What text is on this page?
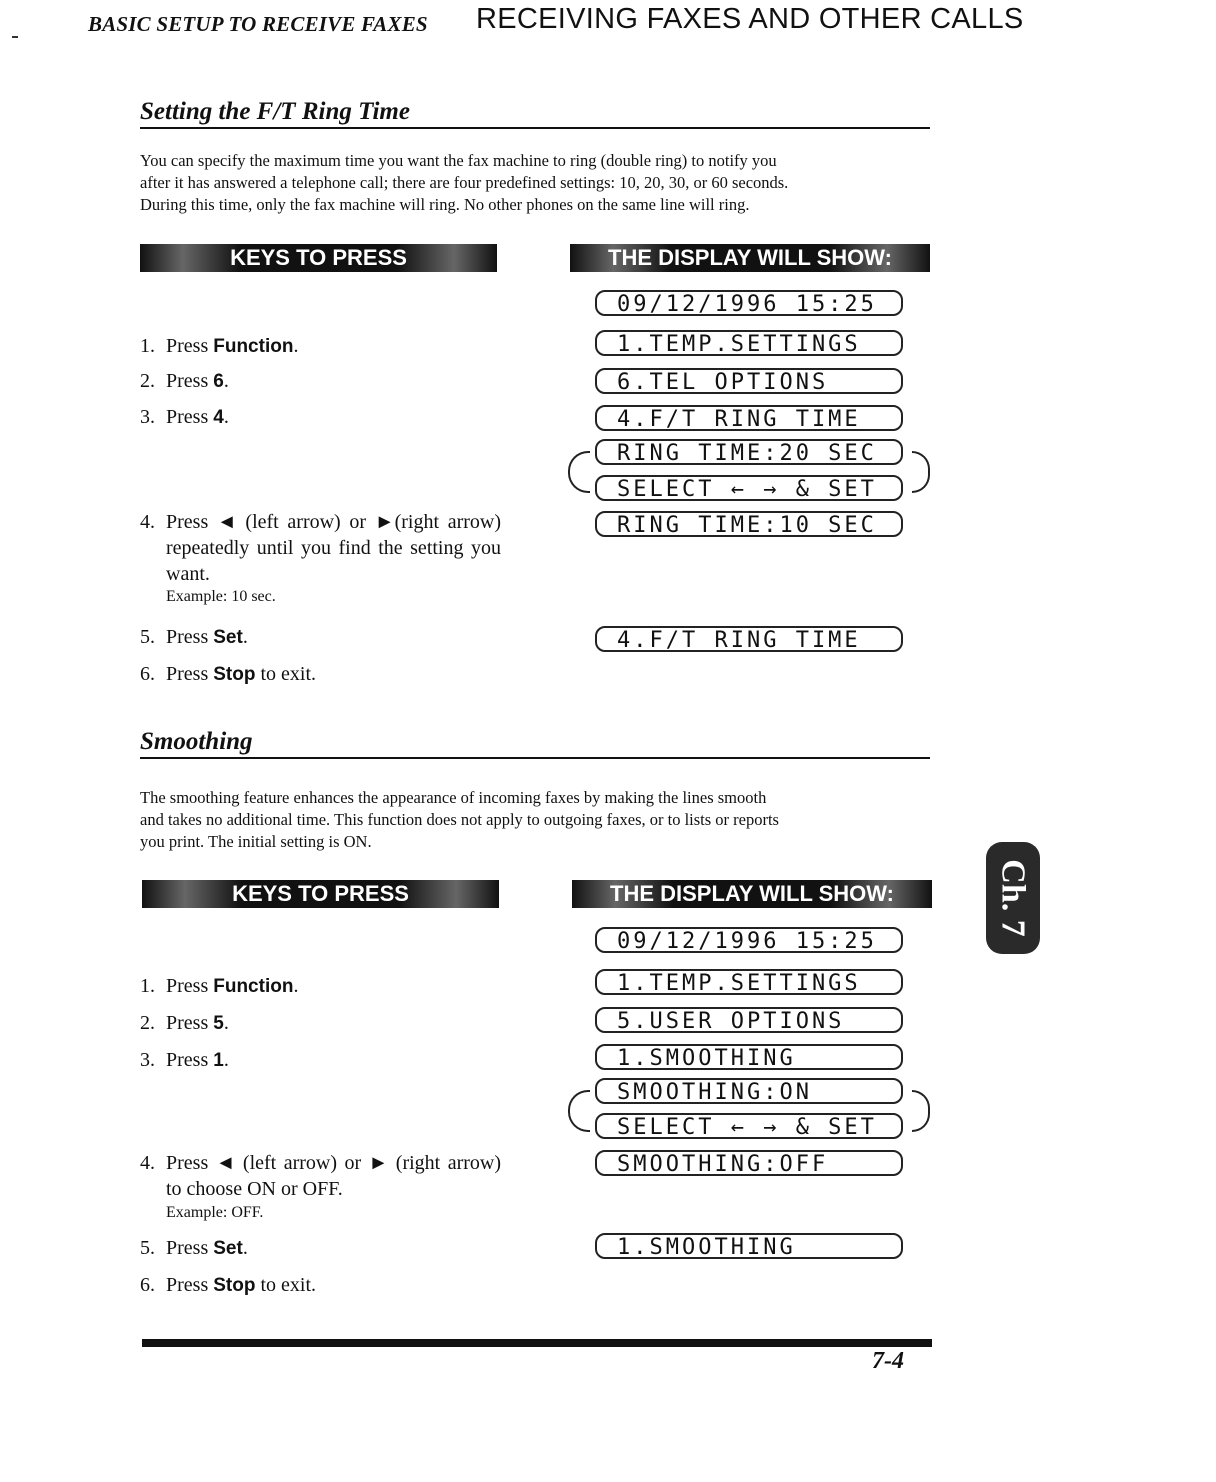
BASIC SETUP TO RECEIVE FAXES RECEIVING FAXES AND OTHER CALLS
Setting the F/T Ring Time
You can specify the maximum time you want the fax machine to ring (double ring) to notify you
after it has answered a telephone call; there are four predefined settings: 10, 20, 30, or 60 seconds.
During this time, only the fax machine will ring. No other phones on the same line will ring.
KEYS TO PRESS	THE DISPLAY WILL SHOW:
1. Press Function.
2. Press 6.
3. Press 4.
4. Press ◄ (left arrow) or ►(right arrow) repeatedly until you find the setting you want.
Example: 10 sec.
5. Press Set.
6. Press Stop to exit.
09/12/1996 15:25
1.TEMP.SETTINGS
6.TEL OPTIONS
4.F/T RING TIME
RING TIME:20 SEC
SELECT ← → & SET
RING TIME:10 SEC
4.F/T RING TIME
Smoothing
The smoothing feature enhances the appearance of incoming faxes by making the lines smooth
and takes no additional time. This function does not apply to outgoing faxes, or to lists or reports
you print. The initial setting is ON.
KEYS TO PRESS	THE DISPLAY WILL SHOW:
1. Press Function.
2. Press 5.
3. Press 1.
4. Press ◄ (left arrow) or ► (right arrow) to choose ON or OFF.
Example: OFF.
5. Press Set.
6. Press Stop to exit.
09/12/1996 15:25
1.TEMP.SETTINGS
5.USER OPTIONS
1.SMOOTHING
SMOOTHING:ON
SELECT ← → & SET
SMOOTHING:OFF
1.SMOOTHING
Ch. 7
7-4
